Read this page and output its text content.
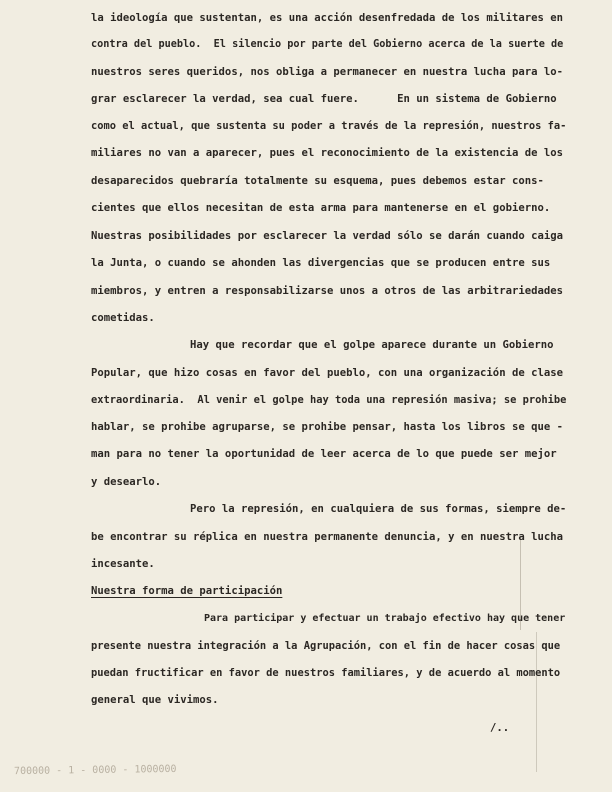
la ideología que sustentan, es una acción desenfredada de los militares en
contra del pueblo.  El silencio por parte del Gobierno acerca de la suerte de
nuestros seres queridos, nos obliga a permanecer en nuestra lucha para lo-
grar esclarecer la verdad, sea cual fuere.      En un sistema de Gobierno
como el actual, que sustenta su poder a través de la represión, nuestros fa-
miliares no van a aparecer, pues el reconocimiento de la existencia de los
desaparecidos quebraría totalmente su esquema, pues debemos estar cons-
cientes que ellos necesitan de esta arma para mantenerse en el gobierno.
Nuestras posibilidades por esclarecer la verdad sólo se darán cuando caiga
la Junta, o cuando se ahonden las divergencias que se producen entre sus
miembros, y entren a responsabilizarse unos a otros de las arbitrariedades
cometidas.
Hay que recordar que el golpe aparece durante un Gobierno
Popular, que hizo cosas en favor del pueblo, con una organización de clase
extraordinaria.  Al venir el golpe hay toda una represión masiva; se prohibe
hablar, se prohibe agruparse, se prohibe pensar, hasta los libros se que -
man para no tener la oportunidad de leer acerca de lo que puede ser mejor
y desearlo.
Pero la represión, en cualquiera de sus formas, siempre de-
be encontrar su réplica en nuestra permanente denuncia, y en nuestra lucha
incesante.
Nuestra forma de participación
Para participar y efectuar un trabajo efectivo hay que tener
presente nuestra integración a la Agrupación, con el fin de hacer cosas que
puedan fructificar en favor de nuestros familiares, y de acuerdo al momento
general que vivimos.
/..
700000 - 1 - 0000 - 1000000
